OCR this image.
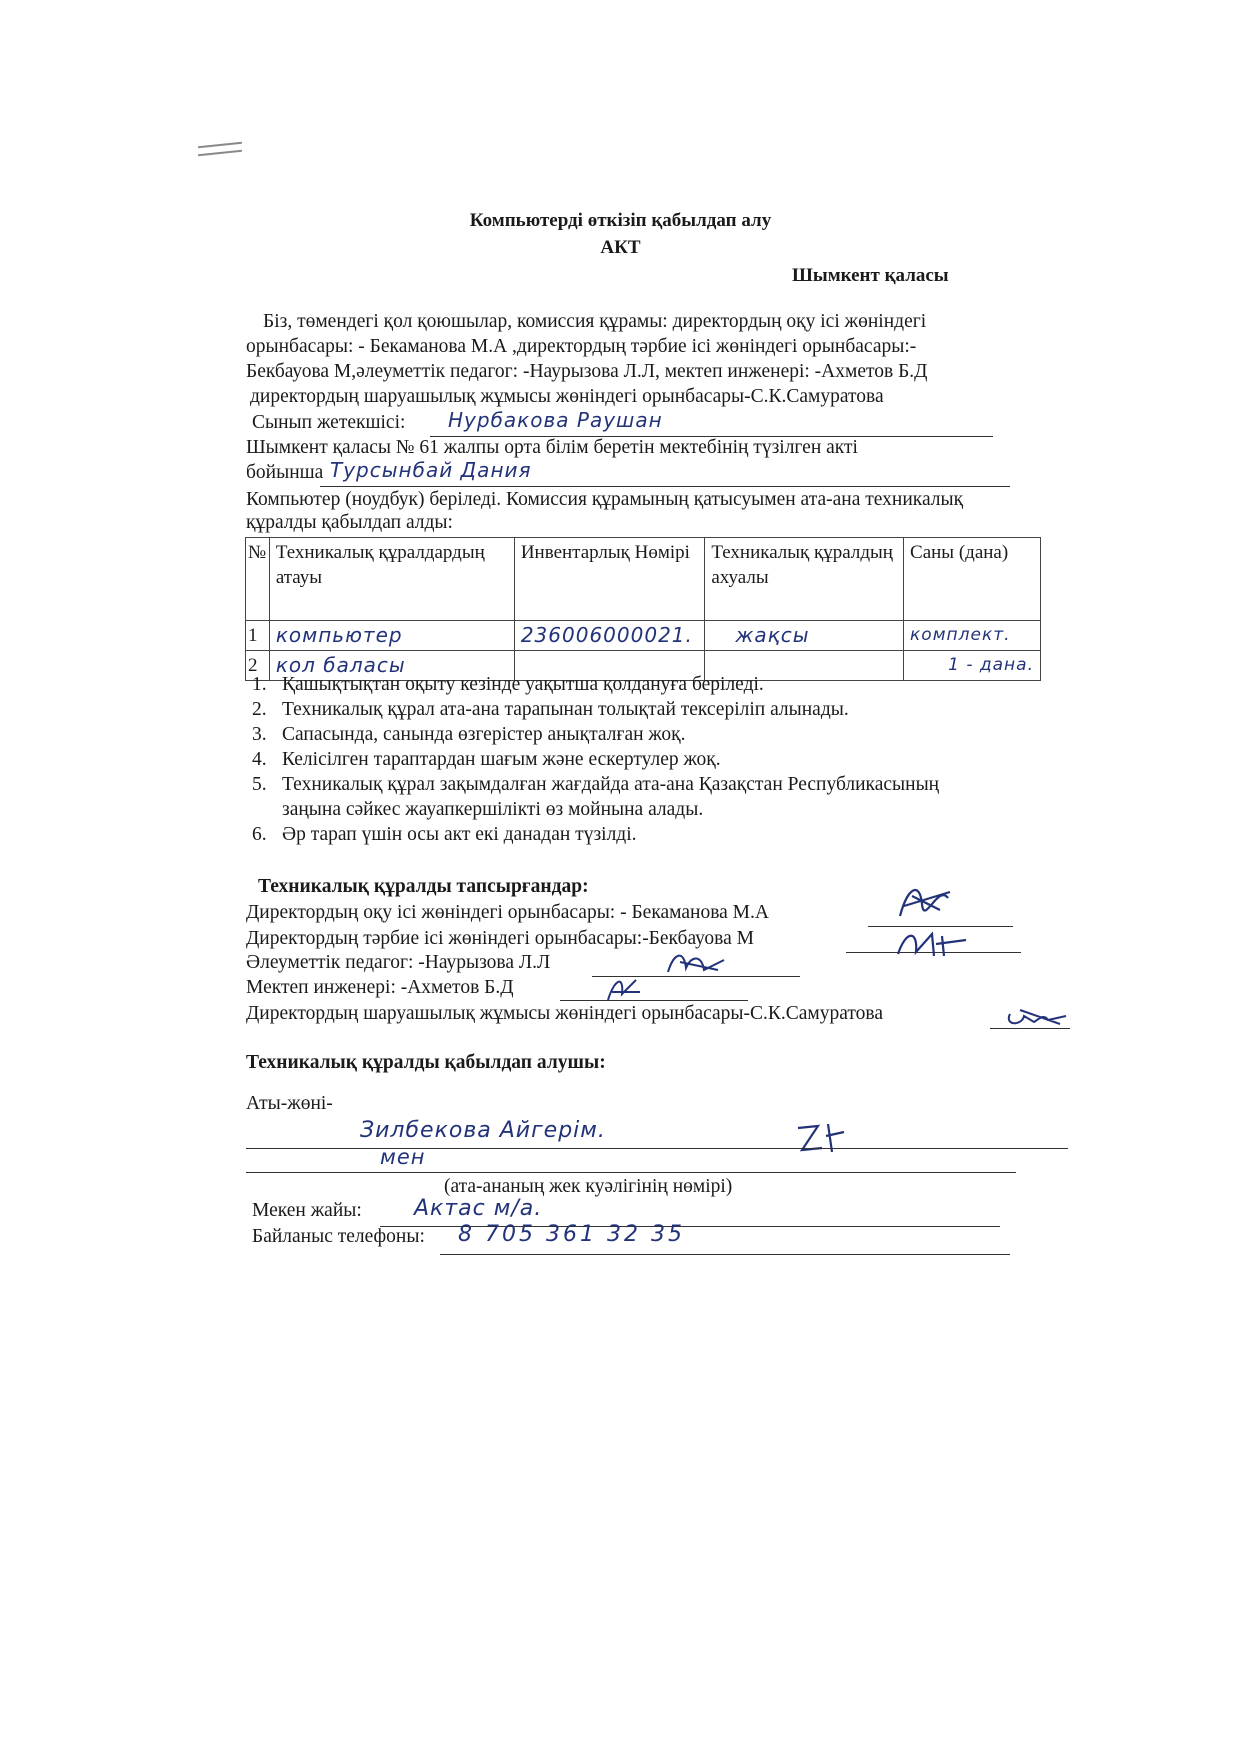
Компьютерді өткізіп қабылдап алу
АКТ
Шымкент қаласы
Біз, төмендегі қол қоюшылар, комиссия құрамы: директордың оқу ісі жөніндегі
орынбасары: - Бекаманова М.А ,директордың тәрбие ісі жөніндегі орынбасары:-
Бекбауова М,әлеуметтік педагог: -Наурызова Л.Л, мектеп инженері: -Ахметов Б.Д
директордың шаруашылық жұмысы жөніндегі орынбасары-С.К.Самуратова
Сынып жетекшісі: Нурбакова Раушан
Шымкент қаласы № 61 жалпы орта білім беретін мектебінің түзілген акті
бойынша Турсынбай Дания
Компьютер (ноудбук) беріледі. Комиссия құрамының қатысуымен ата-ана техникалық
құралды қабылдап алды:
№	Техникалық құралдардың атауы	Инвентарлық Нөмірі	Техникалық құралдың ахуалы	Саны (дана)
1	компьютер	236006000021.	жақсы	комплект.
2	кол баласы			1 - дана.
1. Қашықтықтан оқыту кезінде уақытша қолдануға беріледі.
2. Техникалық құрал ата-ана тарапынан толықтай тексеріліп алынады.
3. Сапасында, санында өзгерістер анықталған жоқ.
4. Келісілген тараптардан шағым және ескертулер жоқ.
5. Техникалық құрал зақымдалған жағдайда ата-ана Қазақстан Республикасының
заңына сәйкес жауапкершілікті өз мойнына алады.
6. Әр тарап үшін осы акт екі данадан түзілді.
Техникалық құралды тапсырғандар:
Директордың оқу ісі жөніндегі орынбасары: - Бекаманова М.А
Директордың тәрбие ісі жөніндегі орынбасары:-Бекбауова М
Әлеуметтік педагог: -Наурызова Л.Л
Мектеп инженері: -Ахметов Б.Д
Директордың шаруашылық жұмысы жөніндегі орынбасары-С.К.Самуратова
Техникалық құралды қабылдап алушы:
Аты-жөні-
Зилбекова Айгерім.
мен
(ата-ананың жек куәлігінің нөмірі)
Мекен жайы: Актас м/а.
Байланыс телефоны: 8 705 361 32 35
